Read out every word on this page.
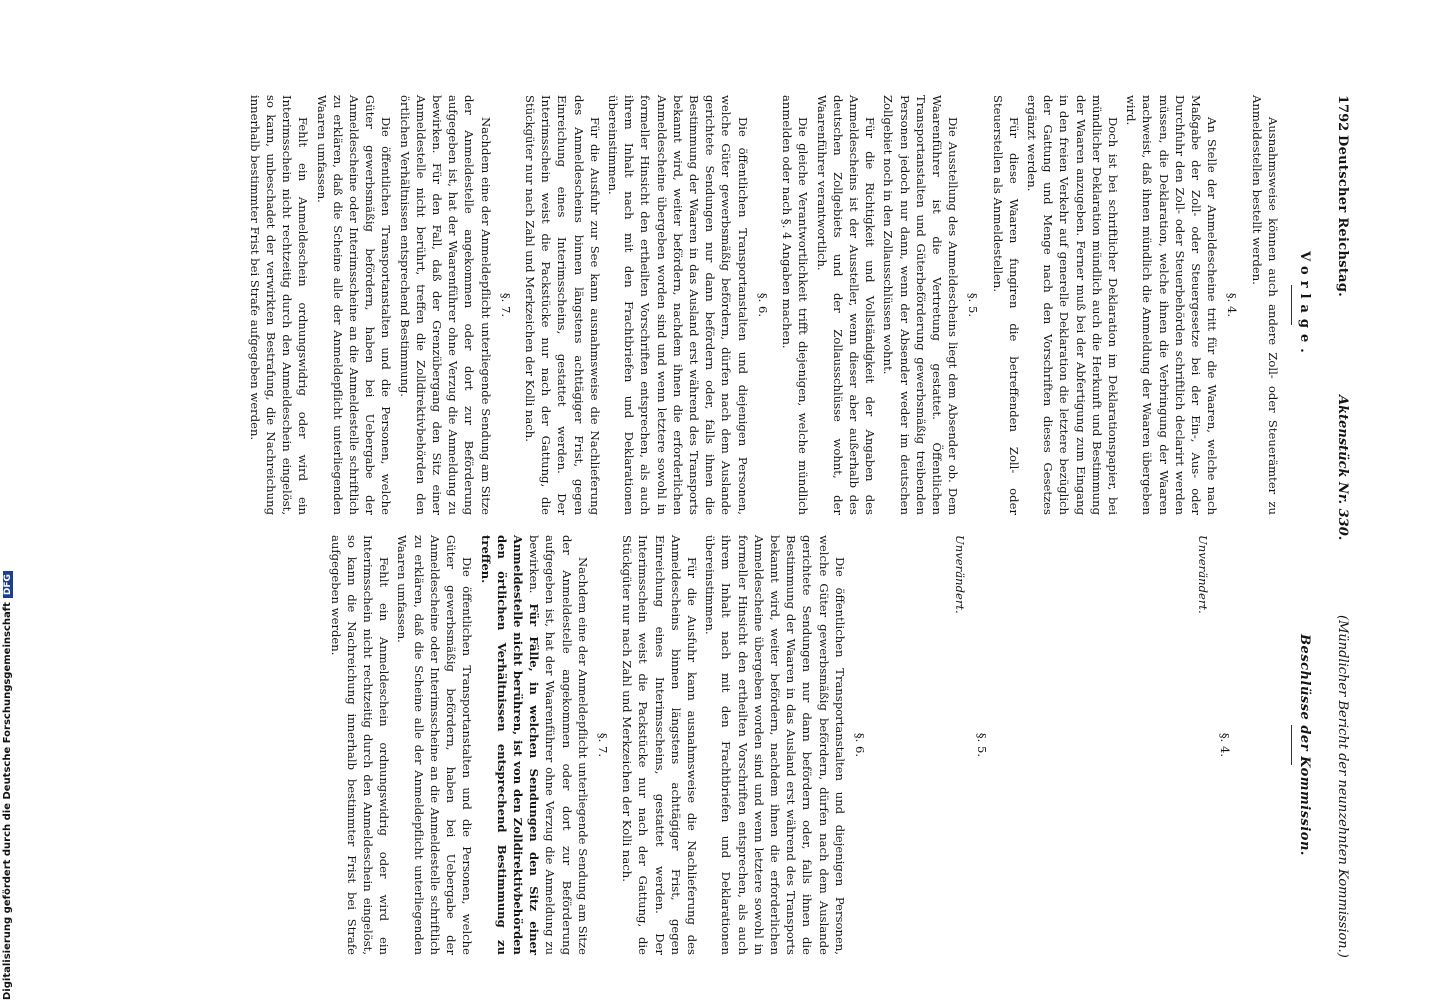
1792
Deutscher Reichstag.
Aktenstück Nr. 330.
(Mündlicher Bericht der neunzehnten Kommission.)
Vorlage.

Ausnahmsweise können auch andere Zoll- oder Steuerämter zu Anmeldestellen bestellt werden.

§. 4.

An Stelle der Anmeldescheine tritt für die Waaren, welche nach Maßgabe der Zoll- oder Steuergesetze bei der Ein-, Aus- oder Durchfuhr den Zoll- oder Steuerbehörden schriftlich declarirt werden müssen, die Deklaration, welche ihnen die Verbringung der Waaren nachweist, daß ihnen mündlich die Anmeldung der Waaren übergeben wird.

Doch ist bei schriftlicher Deklaration im Deklarationspapier, bei mündlicher Deklaration mündlich auch die Herkunft und Bestimmung der Waaren anzugeben. Ferner muß bei der Abfertigung zum Eingang in den freien Verkehr auf generelle Deklaration die letztere bezüglich der Gattung und Menge nach den Vorschriften dieses Gesetzes ergänzt werden.

Für diese Waaren fungiren die betreffenden Zoll- oder Steuerstellen als Anmeldestellen.

§. 5.

Die Ausstellung des Anmeldescheins liegt dem Absender ob. Dem Waarenführer ist die Vertretung gestattet. Öffentlichen Transportanstalten und Güterbeförderung gewerbsmäßig treibenden Personen jedoch nur dann, wenn der Absender weder im deutschen Zollgebiet noch in den Zollausschlüssen wohnt.

Für die Richtigkeit und Vollständigkeit der Angaben des Anmeldescheins ist der Aussteller, wenn dieser aber außerhalb des deutschen Zollgebiets und der Zollausschlüsse wohnt, der Waarenführer verantwortlich.

Die gleiche Verantwortlichkeit trifft diejenigen, welche mündlich anmelden oder nach §. 4 Angaben machen.

§. 6.

Die öffentlichen Transportanstalten und diejenigen Personen, welche Güter gewerbsmäßig befördern, dürfen nach dem Auslande gerichtete Sendungen nur dann befördern oder, falls ihnen die Bestimmung der Waaren in das Ausland erst während des Transports bekannt wird, weiter befördern, nachdem ihnen die erforderlichen Anmeldescheine übergeben worden sind und wenn letztere sowohl in formeller Hinsicht den ertheilten Vorschriften entsprechen, als auch ihrem Inhalt nach mit den Frachtbriefen und Deklarationen übereinstimmen.

Für die Ausfuhr zur See kann ausnahmsweise die Nachlieferung des Anmeldescheins binnen längstens achttägiger Frist, gegen Einreichung eines Interimsscheins, gestattet werden. Der Interimsschein weist die Packstücke nur nach der Gattung, die Stückgüter nur nach Zahl und Merkzeichen der Kolli nach.

§. 7.

Nachdem eine der Anmeldepflicht unterliegende Sendung am Sitze der Anmeldestelle angekommen oder dort zur Beförderung aufgegeben ist, hat der Waarenführer ohne Verzug die Anmeldung zu bewirken. Für den Fall, daß der Grenzübergang den Sitz einer Anmeldestelle nicht berührt, treffen die Zolldirektivbehörden den örtlichen Verhältnissen entsprechend Bestimmung.

Die öffentlichen Transportanstalten und die Personen, welche Güter gewerbsmäßig befördern, haben bei Uebergabe der Anmeldescheine oder Interimsscheine an die Anmeldestelle schriftlich zu erklären, daß die Scheine alle der Anmeldepflicht unterliegenden Waaren umfassen.

Fehlt ein Anmeldeschein ordnungswidrig oder wird ein Interimsschein nicht rechtzeitig durch den Anmeldeschein eingelöst, so kann, unbeschadet der verwirkten Bestrafung, die Nachreichung innerhalb bestimmter Frist bei Strafe aufgegeben werden.

Beschlüsse der Kommission.
§. 4.
Unverändert.
§. 5.
Unverändert.
§. 6.

Die öffentlichen Transportanstalten und diejenigen Personen, welche Güter gewerbsmäßig befördern, dürfen nach dem Auslande gerichtete Sendungen nur dann befördern oder, falls ihnen die Bestimmung der Waaren in das Ausland erst während des Transports bekannt wird, weiter befördern, nachdem ihnen die erforderlichen Anmeldescheine übergeben worden sind und wenn letztere sowohl in formeller Hinsicht den ertheilten Vorschriften entsprechen, als auch ihrem Inhalt nach mit den Frachtbriefen und Deklarationen übereinstimmen.

Für die Ausfuhr kann ausnahmsweise die Nachlieferung des Anmeldescheins binnen längstens achttägiger Frist, gegen Einreichung eines Interimsscheins, gestattet werden. Der Interimsschein weist die Packstücke nur nach der Gattung, die Stückgüter nur nach Zahl und Merkzeichen der Kolli nach.

§. 7.

Nachdem eine der Anmeldepflicht unterliegende Sendung am Sitze der Anmeldestelle angekommen oder dort zur Beförderung aufgegeben ist, hat der Waarenführer ohne Verzug die Anmeldung zu bewirken. Für Fälle, in welchen Sendungen den Sitz einer Anmeldestelle nicht berühren, ist von den Zolldirektivbehörden den örtlichen Verhältnissen entsprechend Bestimmung zu treffen.

Die öffentlichen Transportanstalten und die Personen, welche Güter gewerbsmäßig befördern, haben bei Uebergabe der Anmeldescheine oder Interimsscheine an die Anmeldestelle schriftlich zu erklären, daß die Scheine alle der Anmeldepflicht unterliegenden Waaren umfassen.

Fehlt ein Anmeldeschein ordnungswidrig oder wird ein Interimsschein nicht rechtzeitig durch den Anmeldeschein eingelöst, so kann die Nachreichung innerhalb bestimmter Frist bei Strafe aufgegeben werden.

Digitalisierung gefördert durch die Deutsche ForschungsgemeinschaftDFG
